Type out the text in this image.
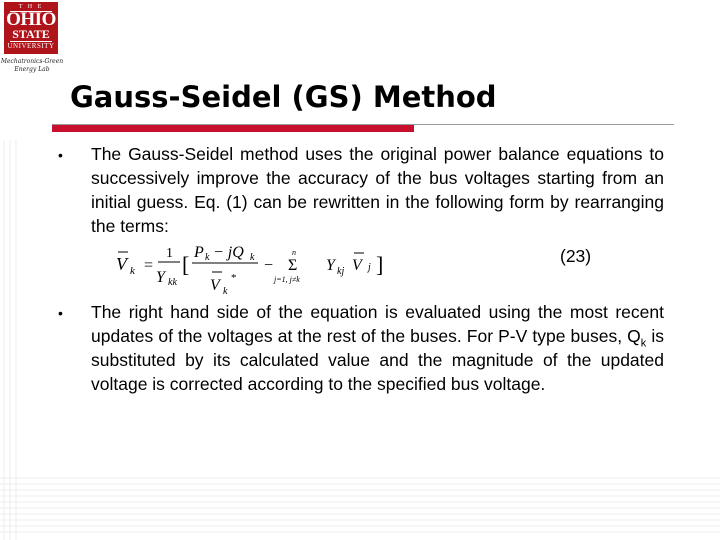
T H E
OHIO
STATE
UNIVERSITY
Mechatronics-Green
Energy Lab
Gauss-Seidel (GS) Method
• The Gauss-Seidel method uses the original power balance equations to successively improve the accuracy of the bus voltages starting from an initial guess. Eq. (1) can be rewritten in the following form by rearranging the terms:
V k =
1
Y kk
[ P k − jQ k
V k
*
−
n
Σ
j=1, j≠k
Y kj V j ]	(23)
• The right hand side of the equation is evaluated using the most recent updates of the voltages at the rest of the buses. For P-V type buses, $Q_k$ is substituted by its calculated value and the magnitude of the updated voltage is corrected according to the specified bus voltage.
